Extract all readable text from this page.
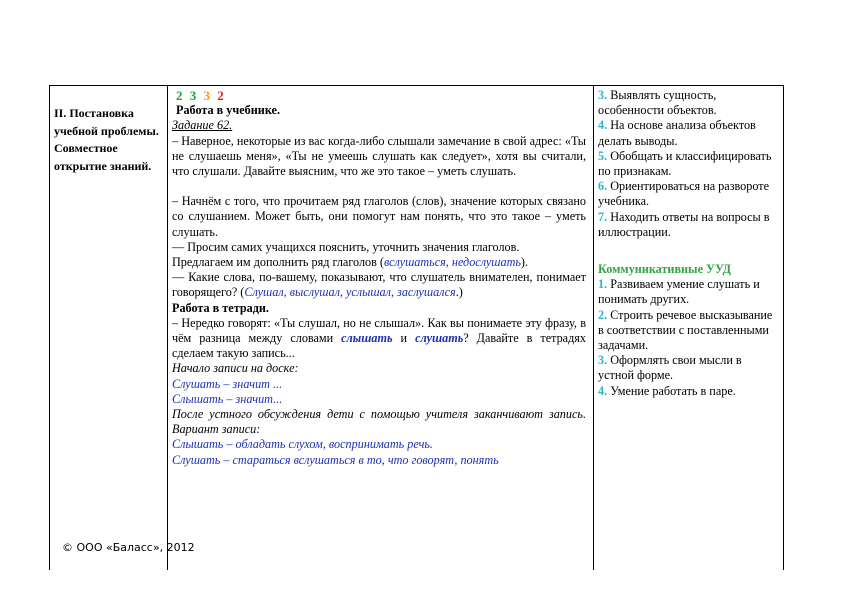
II. Постановка учебной проблемы. Совместное открытие знаний.
2 3 3 2

Работа в учебнике.

Задание 62.

– Наверное, некоторые из вас когда-либо слышали замечание в свой адрес: «Ты не слушаешь меня», «Ты не умеешь слушать как следует», хотя вы считали, что слушали. Давайте выясним, что же это такое – уметь слушать.

– Начнём с того, что прочитаем ряд глаголов (слов), значение которых связано со слушанием. Может быть, они помогут нам понять, что это такое – уметь слушать.

— Просим самих учащихся пояснить, уточнить значения глаголов.

Предлагаем им дополнить ряд глаголов (вслушаться, недослушать).

— Какие слова, по-вашему, показывают, что слушатель внимателен, понимает говорящего? (Слушал, выслушал, услышал, заслушался.)

Работа в тетради.

– Нередко говорят: «Ты слушал, но не слышал». Как вы понимаете эту фразу, в чём разница между словами слышать и слушать? Давайте в тетрадях сделаем такую запись...

Начало записи на доске:

Слушать – значит ...

Слышать – значит...

После устного обсуждения дети с помощью учителя заканчивают запись. Вариант записи:

Слышать – обладать слухом, воспринимать речь.

Слушать – стараться вслушаться в то, что говорят, понять

3. Выявлять сущность, особенности объектов.

4. На основе анализа объектов делать выводы.

5. Обобщать и классифицировать по признакам.

6. Ориентироваться на развороте учебника.

7. Находить ответы на вопросы в иллюстрации.

Коммуникативные УУД

1. Развиваем умение слушать и понимать других.

2. Строить речевое высказывание в соответствии с поставленными задачами.

3. Оформлять свои мысли в устной форме.

4. Умение работать в паре.

© ООО «Баласс», 2012
